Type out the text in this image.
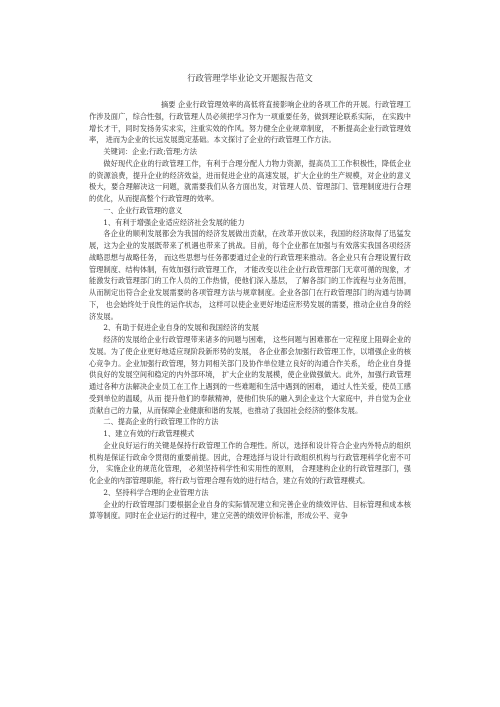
行政管理学毕业论文开题报告范文

摘要 企业行政管理效率的高低将直接影响企业的各项工作的开展。行政管理工作涉及面广，综合性强，行政管理人员必须把学习作为一项重要任务，做到理论联系实际， 在实践中增长才干，同时发扬务实求实，注重实效的作风。努力健全企业规章制度， 不断提高企业行政管理效率， 进而为企业的长远发展奠定基础。本文探讨了企业的行政管理工作方法。

关键词：企业;行政;管理;方法

做好现代企业的行政管理工作，有利于合理分配人力物力资源，提高员工工作积极性，降低企业的资源浪费，提升企业的经济效益，进而促进企业的高速发展，扩大企业的生产规模，对企业的意义极大，要合理解决这一问题，就需要我们从各方面出发，对管理人员、管理部门、管理制度进行合理的优化，从而提高整个行政管理的效率。

一、企业行政管理的意义

1、有利于增强企业适应经济社会发展的能力

各企业的顺利发展都会为我国的经济发展做出贡献，在改革开放以来，我国的经济取得了迅猛发展，这为企业的发展既带来了机遇也带来了挑战。目前，每个企业都在加强与有效落实我国各项经济战略思想与战略任务， 而这些思想与任务都要通过企业的行政管理来推动。各企业只有合理设置行政管理制度、结构体制，有效加强行政管理工作， 才能改变以往企业行政管理部门无章可循的现象，才能激发行政管理部门的工作人员的工作热情，使他们深入基层， 了解各部门的工作流程与业务范围， 从而制定出符合企业发展需要的各项管理方法与规章制度。企业各部门在行政管理部门的沟通与协调下， 也会始终处于良性的运作状态， 这样可以使企业更好地适应形势发展的需要，推动企业自身的经济发展。

2、有助于促进企业自身的发展和我国经济的发展

经济的发展给企业行政管理带来诸多的问题与困难， 这些问题与困难都在一定程度上阻碍企业的发展。为了使企业更好地适应现阶段新形势的发展， 各企业都会加强行政管理工作，以增强企业的核心竞争力。企业加强行政管理，努力同相关部门及协作单位建立良好的沟通合作关系， 给企业自身提供良好的发展空间和稳定的内外部环境， 扩大企业的发展模，使企业做强做大。此外，加强行政管理通过各种方法解决企业员工在工作上遇到的一些难题和生活中遇到的困难， 通过人性关爱，使员工感受到单位的温暖，从而 提升他们的奉献精神，使他们快乐的融入到企业这个大家庭中，并自觉为企业贡献自己的力量，从而保障企业健康和谐的发展，也推动了我国社会经济的整体发展。

二、提高企业的行政管理工作的方法

1、建立有效的行政管理模式

企业良好运行的关键是保持行政管理工作的合理性。所以，选择和设计符合企业内外特点的组织机构是保证行政命令贯彻的重要前提。因此，合理选择与设计行政组织机构与行政管理科学化密不可分， 实施企业的规范化管理， 必须坚持科学性和实用性的原则， 合理建构企业的行政管理部门，强化企业的内部管理职能，将行政与管理合理有效的进行结合，建立有效的行政管理模式。

2、坚持科学合理的企业管理方法

企业的行政管理部门要根据企业自身的实际情况建立和完善企业的绩效评估、目标管理和成本核算等制度。同时在企业运行的过程中，建立完善的绩效评价标准，形成公平、竞争
